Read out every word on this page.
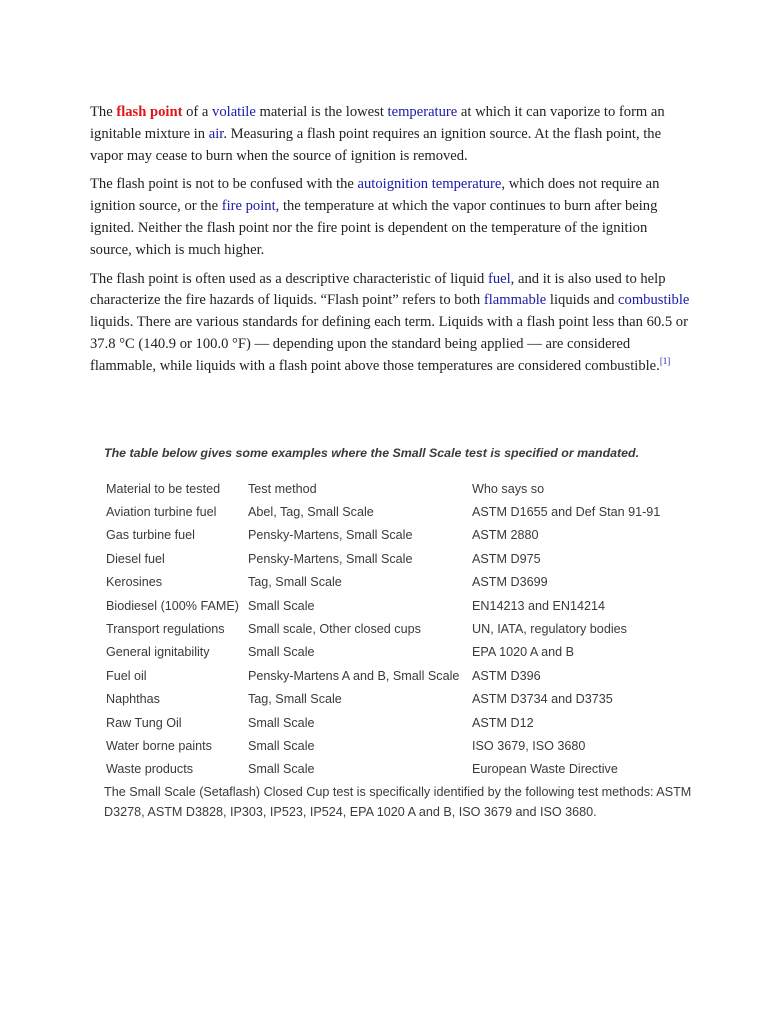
The flash point of a volatile material is the lowest temperature at which it can vaporize to form an ignitable mixture in air. Measuring a flash point requires an ignition source. At the flash point, the vapor may cease to burn when the source of ignition is removed.

The flash point is not to be confused with the autoignition temperature, which does not require an ignition source, or the fire point, the temperature at which the vapor continues to burn after being ignited. Neither the flash point nor the fire point is dependent on the temperature of the ignition source, which is much higher.

The flash point is often used as a descriptive characteristic of liquid fuel, and it is also used to help characterize the fire hazards of liquids. “Flash point” refers to both flammable liquids and combustible liquids. There are various standards for defining each term. Liquids with a flash point less than 60.5 or 37.8 °C (140.9 or 100.0 °F) — depending upon the standard being applied — are considered flammable, while liquids with a flash point above those temperatures are considered combustible.[1]

The table below gives some examples where the Small Scale test is specified or mandated.
Material to be tested	Test method	Who says so
Aviation turbine fuel	Abel, Tag, Small Scale	ASTM D1655 and Def Stan 91-91
Gas turbine fuel	Pensky-Martens, Small Scale	ASTM 2880
Diesel fuel	Pensky-Martens, Small Scale	ASTM D975
Kerosines	Tag, Small Scale	ASTM D3699
Biodiesel (100% FAME)	Small Scale	EN14213 and EN14214
Transport regulations	Small scale, Other closed cups	UN, IATA, regulatory bodies
General ignitability	Small Scale	EPA 1020 A and B
Fuel oil	Pensky-Martens A and B, Small Scale	ASTM D396
Naphthas	Tag, Small Scale	ASTM D3734 and D3735
Raw Tung Oil	Small Scale	ASTM D12
Water borne paints	Small Scale	ISO 3679, ISO 3680
Waste products	Small Scale	European Waste Directive
The Small Scale (Setaflash) Closed Cup test is specifically identified by the following test methods: ASTM D3278, ASTM D3828, IP303, IP523, IP524, EPA 1020 A and B, ISO 3679 and ISO 3680.
